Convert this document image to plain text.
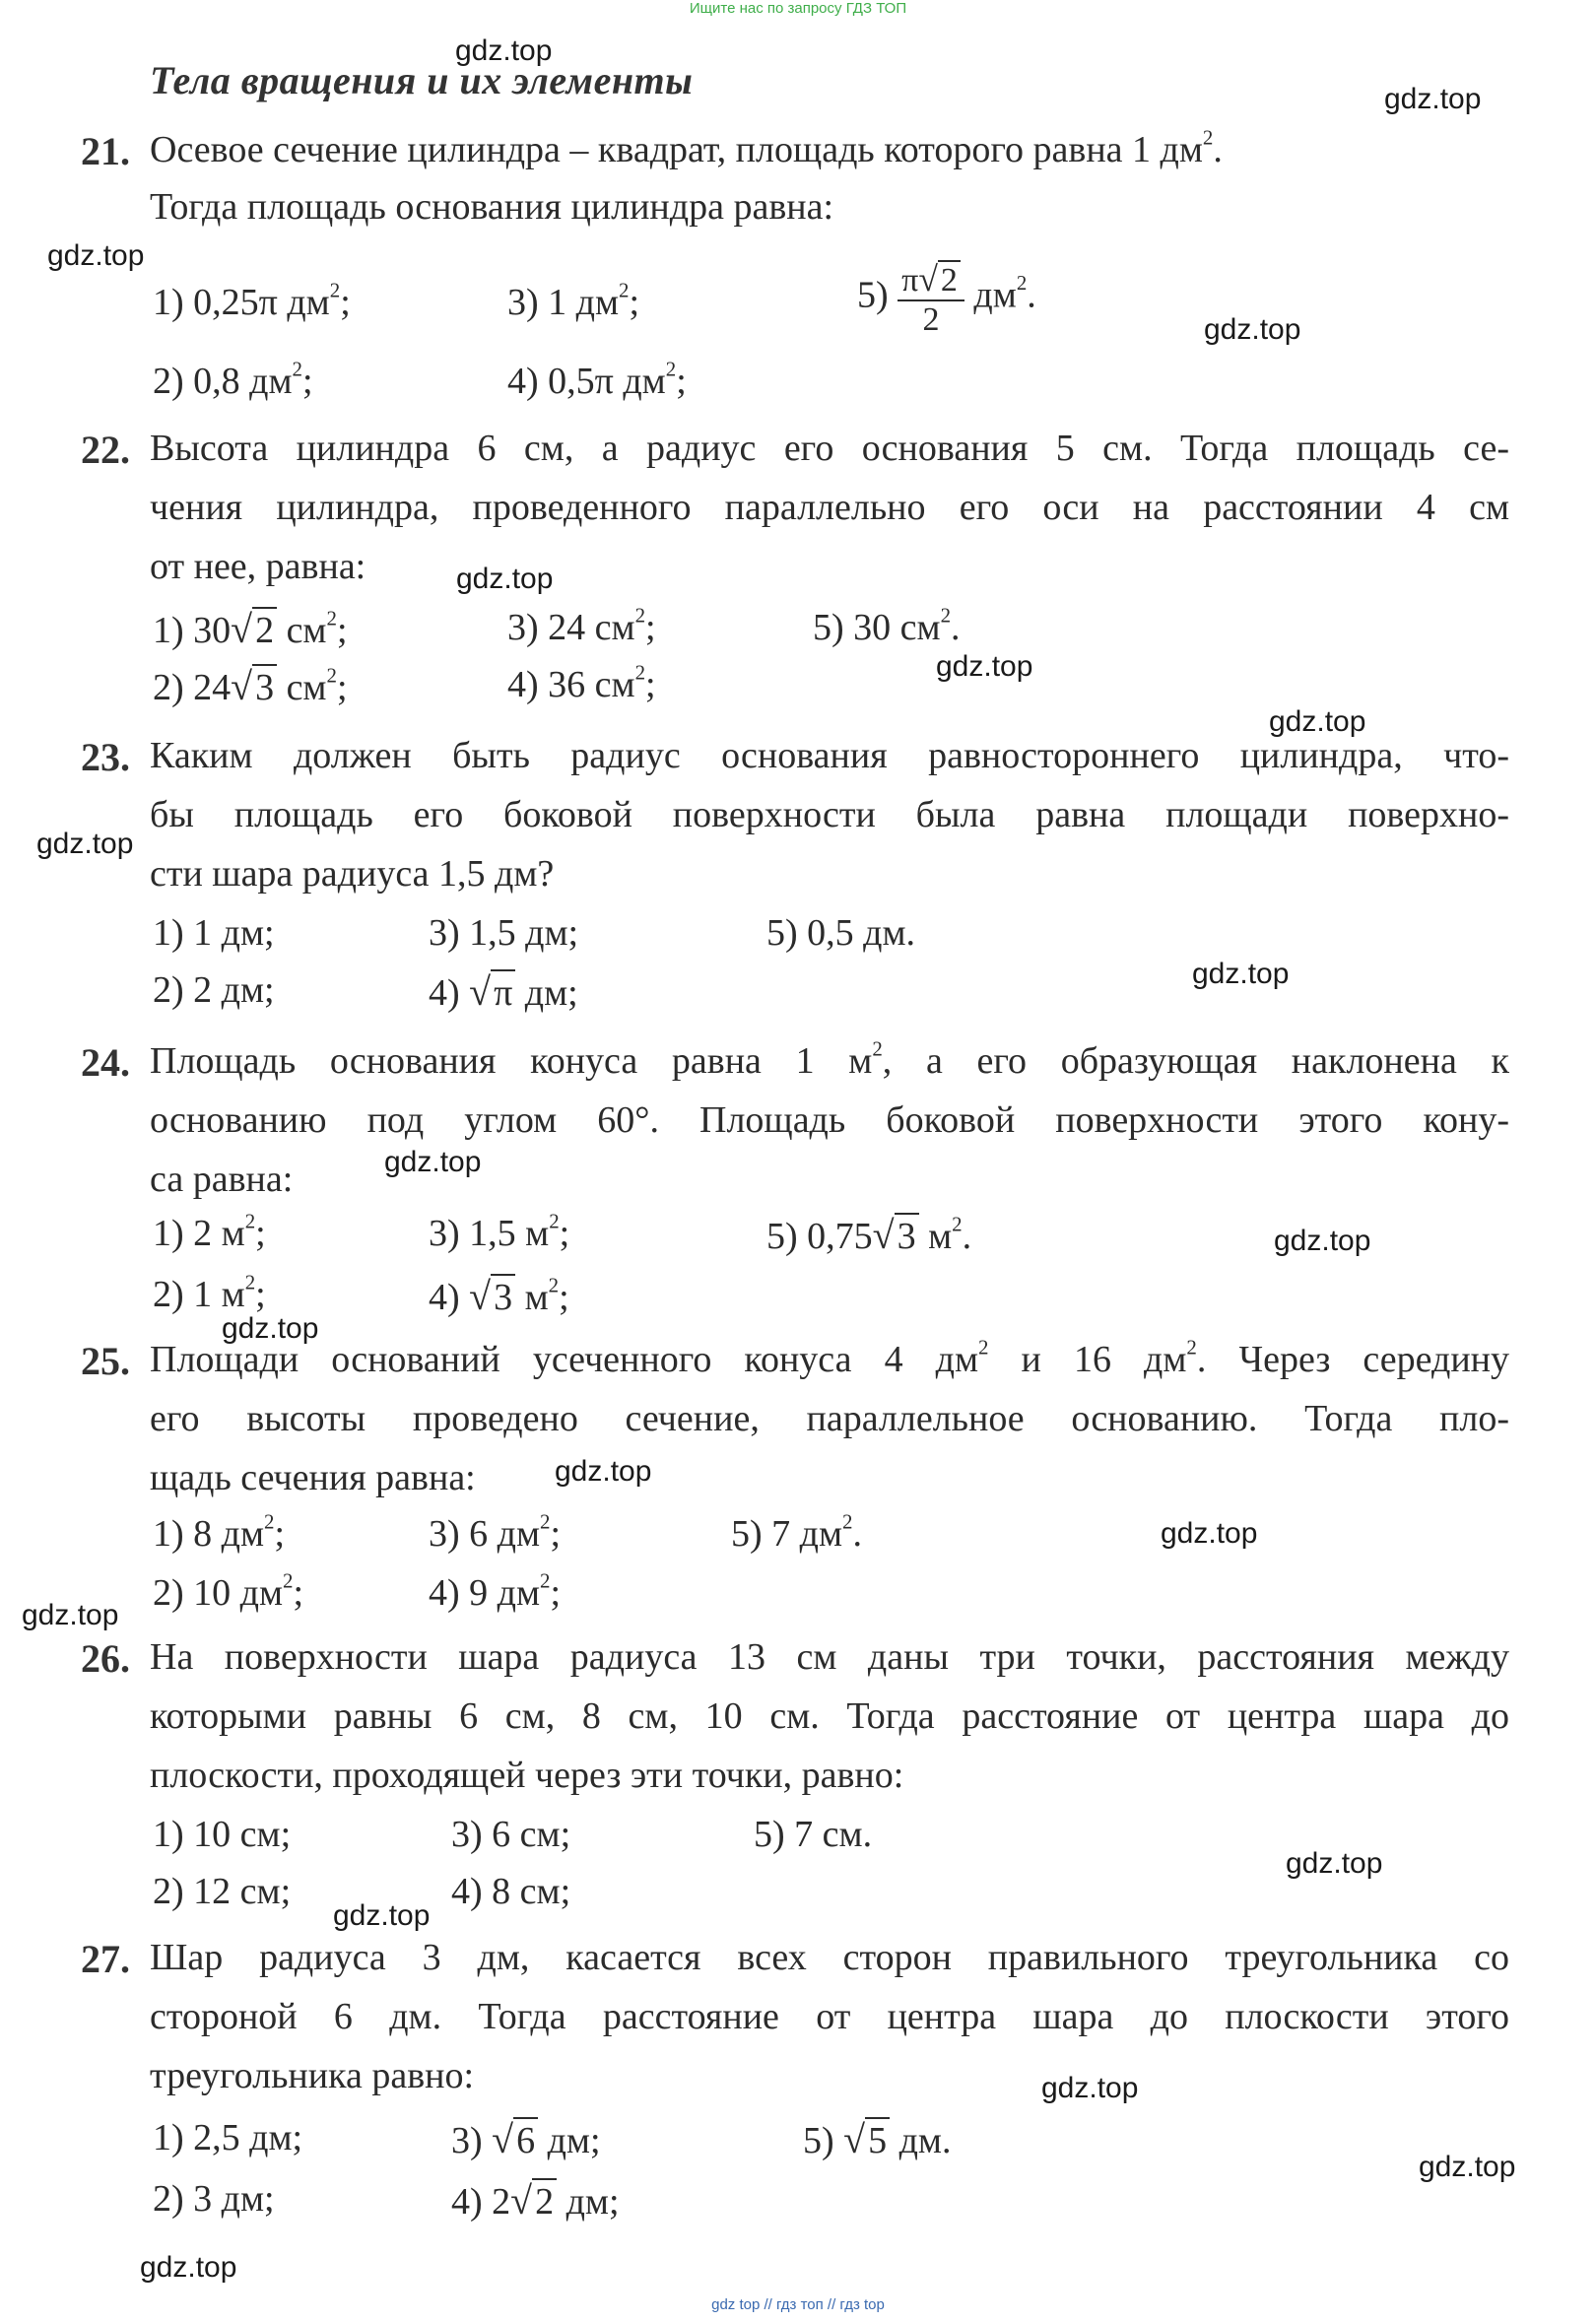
Ищите нас по запросу ГДЗ ТОП
Тела вращения и их элементы
21. Осевое сечение цилиндра – квадрат, площадь которого равна 1 $дм^2$.
Тогда площадь основания цилиндра равна:
1) 0,25π $дм^2$;	3) 1 $дм^2$;	$5) \frac{\pi√2}{2} дм^2$.
2) 0,8 $дм^2$;	4) 0,5π $дм^2$;
22. Высота цилиндра 6 см, а радиус его основания 5 см. Тогда площадь се-
чения цилиндра, проведенного параллельно его оси на расстоянии 4 см
от нее, равна:
1) 30√2 $см^2$;	3) 24 $см^2$;	5) 30 $см^2$.
2) 24√3 $см^2$;	4) 36 $см^2$;
23. Каким должен быть радиус основания равностороннего цилиндра, что-
бы площадь его боковой поверхности была равна площади поверхно-
сти шара радиуса 1,5 дм?
1) 1 дм;	3) 1,5 дм;	5) 0,5 дм.
2) 2 дм;	4) √π дм;
24. Площадь основания конуса равна 1 $м^2$, а его образующая наклонена к
основанию под углом 60°. Площадь боковой поверхности этого кону-
са равна:
1) 2 $м^2$;	3) 1,5 $м^2$;	5) 0,75√3 $м^2$.
2) 1 $м^2$;	4) √3 $м^2$;
25. Площади оснований усеченного конуса 4 $дм^2$ и 16 $дм^2$. Через середину
его высоты проведено сечение, параллельное основанию. Тогда пло-
щадь сечения равна:
1) 8 $дм^2$;	3) 6 $дм^2$;	5) 7 $дм^2$.
2) 10 $дм^2$;	4) 9 $дм^2$;
26. На поверхности шара радиуса 13 см даны три точки, расстояния между
которыми равны 6 см, 8 см, 10 см. Тогда расстояние от центра шара до
плоскости, проходящей через эти точки, равно:
1) 10 см;	3) 6 см;	5) 7 см.
2) 12 см;	4) 8 см;
27. Шар радиуса 3 дм, касается всех сторон правильного треугольника со
стороной 6 дм. Тогда расстояние от центра шара до плоскости этого
треугольника равно:
1) 2,5 дм;	3) √6 дм;	5) √5 дм.
2) 3 дм;	4) 2√2 дм;
gdz.top
gdz.top
gdz.top
gdz.top
gdz.top
gdz.top
gdz.top
gdz.top
gdz.top
gdz.top
gdz.top
gdz.top
gdz.top
gdz.top
gdz.top
gdz.top
gdz.top
gdz.top
gdz.top
gdz.top
gdz top // гдз топ // гдз top
